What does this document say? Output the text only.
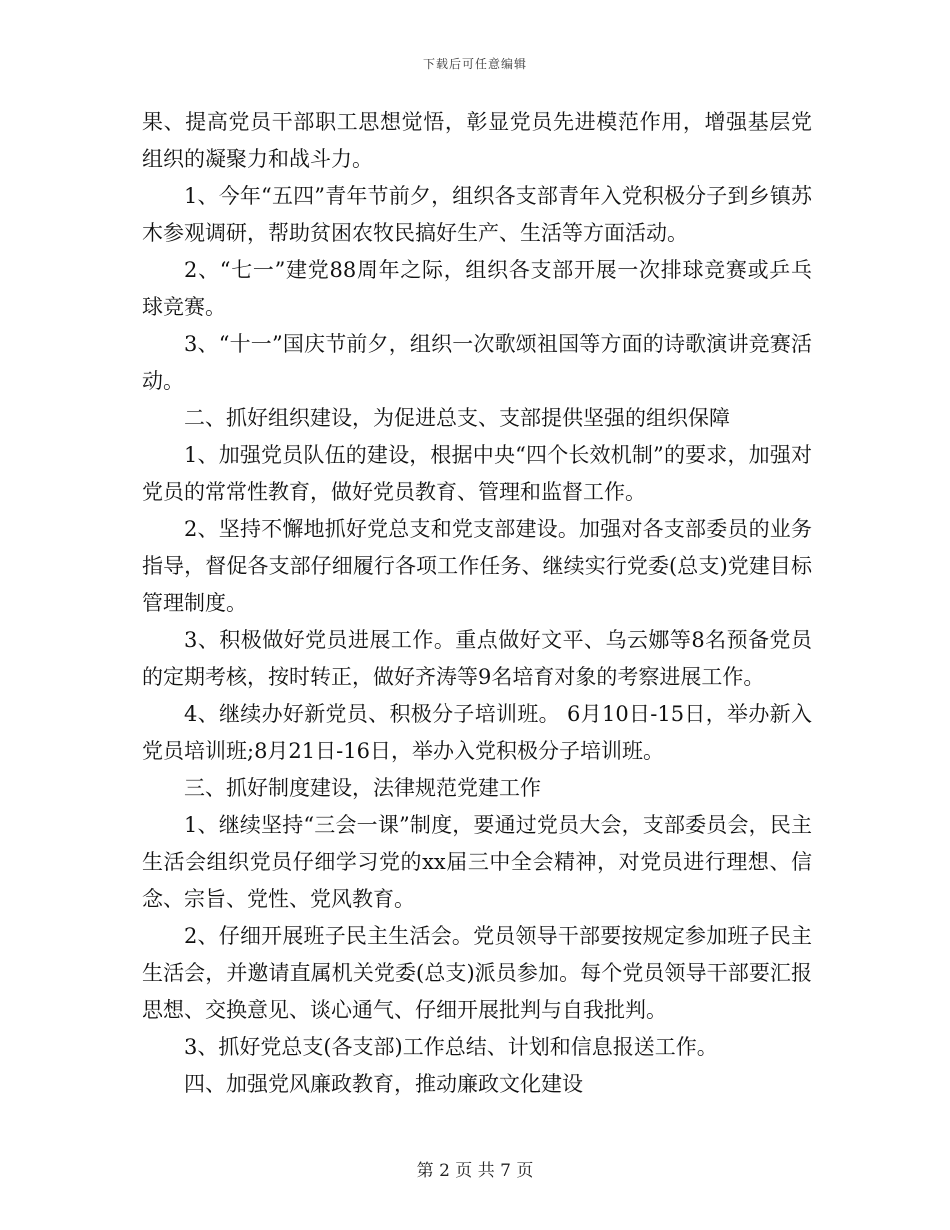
下载后可任意编辑

果、提高党员干部职工思想觉悟，彰显党员先进模范作用，增强基层党组织的凝聚力和战斗力。

1、今年“五四”青年节前夕，组织各支部青年入党积极分子到乡镇苏木参观调研，帮助贫困农牧民搞好生产、生活等方面活动。

2、“七一”建党88周年之际，组织各支部开展一次排球竞赛或乒乓球竞赛。

3、“十一”国庆节前夕，组织一次歌颂祖国等方面的诗歌演讲竞赛活动。

二、抓好组织建设，为促进总支、支部提供坚强的组织保障

1、加强党员队伍的建设，根据中央“四个长效机制”的要求，加强对党员的常常性教育，做好党员教育、管理和监督工作。

2、坚持不懈地抓好党总支和党支部建设。加强对各支部委员的业务指导，督促各支部仔细履行各项工作任务、继续实行党委(总支)党建目标管理制度。

3、积极做好党员进展工作。重点做好文平、乌云娜等8名预备党员的定期考核，按时转正，做好齐涛等9名培育对象的考察进展工作。

4、继续办好新党员、积极分子培训班。 6月10日-15日，举办新入党员培训班;8月21日-16日，举办入党积极分子培训班。

三、抓好制度建设，法律规范党建工作

1、继续坚持“三会一课”制度，要通过党员大会，支部委员会，民主生活会组织党员仔细学习党的xx届三中全会精神，对党员进行理想、信念、宗旨、党性、党风教育。

2、仔细开展班子民主生活会。党员领导干部要按规定参加班子民主生活会，并邀请直属机关党委(总支)派员参加。每个党员领导干部要汇报思想、交换意见、谈心通气、仔细开展批判与自我批判。

3、抓好党总支(各支部)工作总结、计划和信息报送工作。

四、加强党风廉政教育，推动廉政文化建设

第 2 页 共 7 页
